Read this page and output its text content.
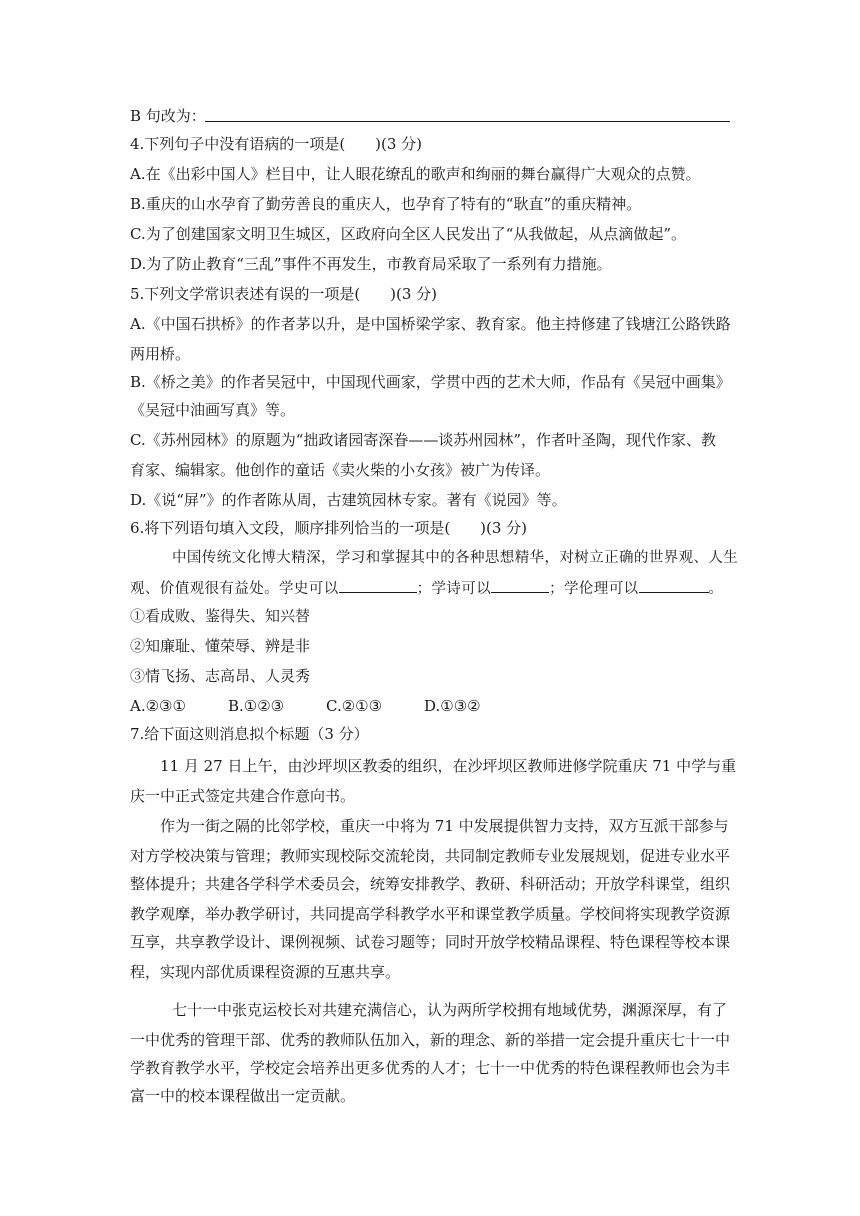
B 句改为：
4.下列句子中没有语病的一项是(　　)(3 分)
A.在《出彩中国人》栏目中，让人眼花缭乱的歌声和绚丽的舞台赢得广大观众的点赞。
B.重庆的山水孕育了勤劳善良的重庆人，也孕育了特有的“耿直”的重庆精神。
C.为了创建国家文明卫生城区，区政府向全区人民发出了“从我做起，从点滴做起”。
D.为了防止教育“三乱”事件不再发生，市教育局采取了一系列有力措施。
5.下列文学常识表述有误的一项是(　　)(3 分)
A.《中国石拱桥》的作者茅以升，是中国桥梁学家、教育家。他主持修建了钱塘江公路铁路
两用桥。
B.《桥之美》的作者吴冠中，中国现代画家，学贯中西的艺术大师，作品有《吴冠中画集》
《吴冠中油画写真》等。
C.《苏州园林》的原题为“拙政诸园寄深眷——谈苏州园林”，作者叶圣陶，现代作家、教
育家、编辑家。他创作的童话《卖火柴的小女孩》被广为传译。
D.《说“屏”》的作者陈从周，古建筑园林专家。著有《说园》等。
6.将下列语句填入文段，顺序排列恰当的一项是(　　)(3 分)
中国传统文化博大精深，学习和掌握其中的各种思想精华，对树立正确的世界观、人生
观、价值观很有益处。学史可以	；学诗可以	；学伦理可以	。
①看成败、鉴得失、知兴替
②知廉耻、懂荣辱、辨是非
③情飞扬、志高昂、人灵秀
A.②③①	B.①②③	C.②①③	D.①③②
7.给下面这则消息拟个标题（3 分）
11 月 27 日上午，由沙坪坝区教委的组织，在沙坪坝区教师进修学院重庆 71 中学与重
庆一中正式签定共建合作意向书。
作为一街之隔的比邻学校，重庆一中将为 71 中发展提供智力支持，双方互派干部参与
对方学校决策与管理；教师实现校际交流轮岗，共同制定教师专业发展规划，促进专业水平
整体提升；共建各学科学术委员会，统筹安排教学、教研、科研活动；开放学科课堂，组织
教学观摩，举办教学研讨，共同提高学科教学水平和课堂教学质量。学校间将实现教学资源
互享，共享教学设计、课例视频、试卷习题等；同时开放学校精品课程、特色课程等校本课
程，实现内部优质课程资源的互惠共享。
七十一中张克运校长对共建充满信心，认为两所学校拥有地域优势，渊源深厚，有了
一中优秀的管理干部、优秀的教师队伍加入，新的理念、新的举措一定会提升重庆七十一中
学教育教学水平，学校定会培养出更多优秀的人才；七十一中优秀的特色课程教师也会为丰
富一中的校本课程做出一定贡献。
